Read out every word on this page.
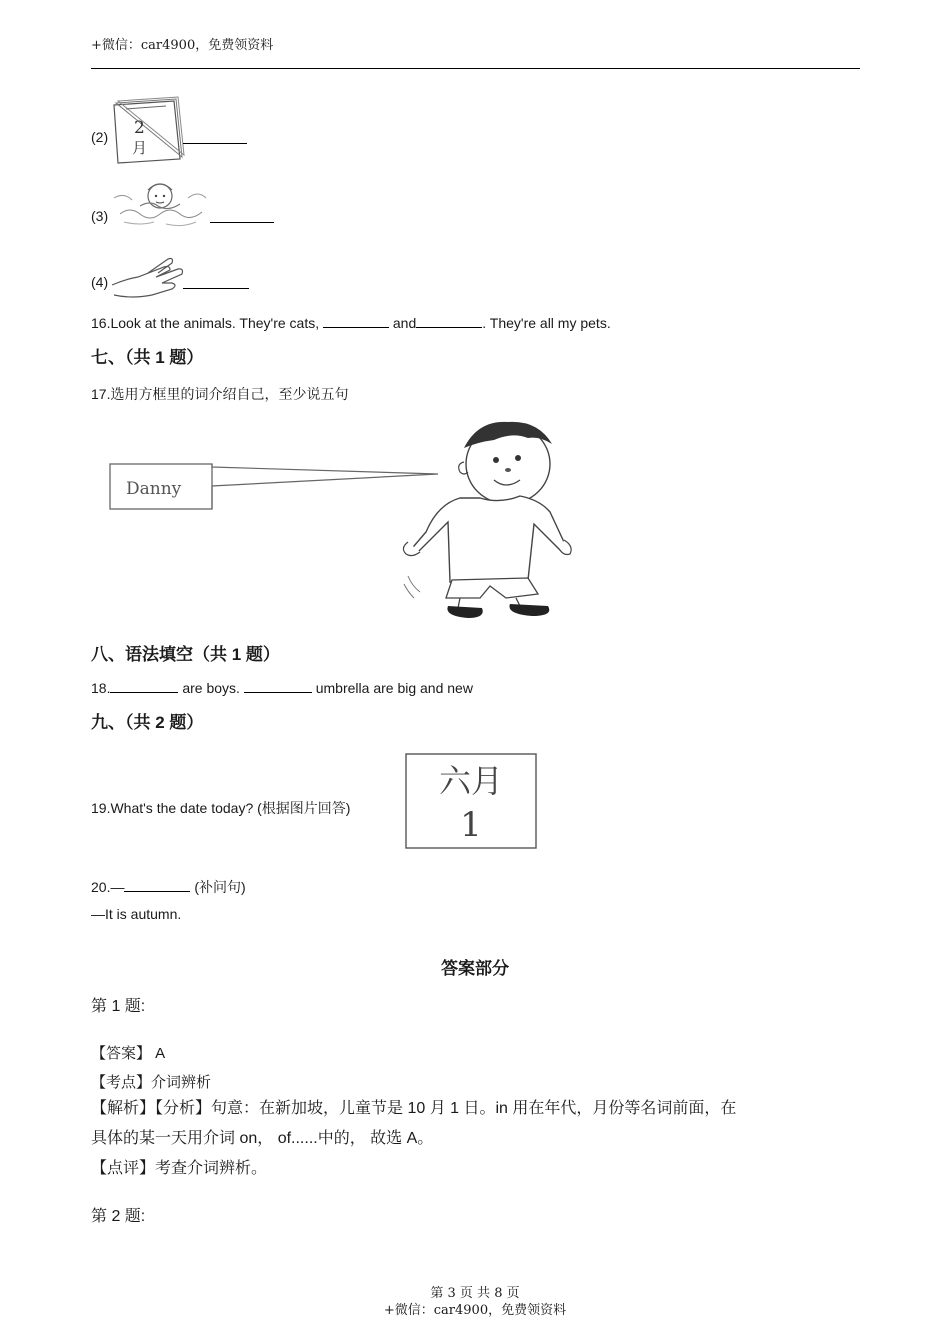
+微信：car4900，免费领资料
(2) 2
月
(3)
(4)
16.Look at the animals. They're cats,	and	. They're all my pets.
七、（共 1 题）
17.选用方框里的词介绍自己，至少说五句
Danny
八、语法填空（共 1 题）
18.	are boys.	umbrella are big and new
九、（共 2 题）
19.What's the date today? (根据图片回答)
六月
1
20.—	(补问句)
—It is autumn.
答案部分
第 1 题:
【答案】 A
【考点】介词辨析
【解析】【分析】句意：在新加坡，儿童节是 10 月 1 日。in 用在年代，月份等名词前面，在
具体的某一天用介词 on， of......中的， 故选 A。
【点评】考查介词辨析。
第 2 题:
第 3 页 共 8 页
+微信：car4900，免费领资料
